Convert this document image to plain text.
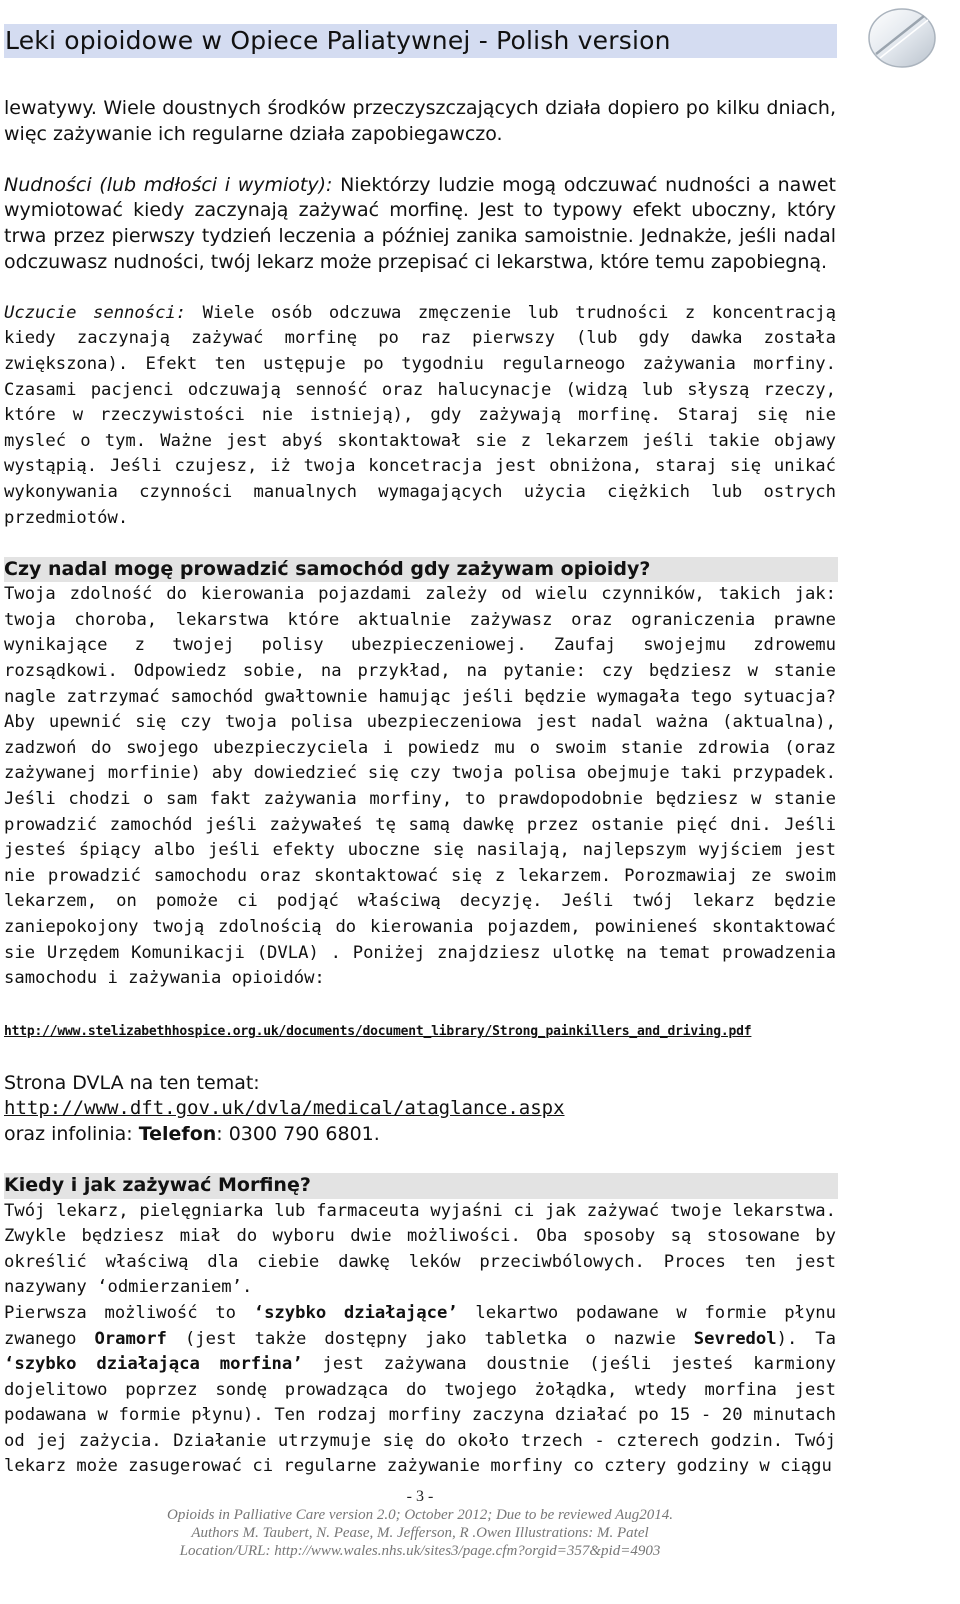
Leki opioidowe w Opiece Paliatywnej - Polish version

lewatywy. Wiele doustnych środków przeczyszczających działa dopiero po kilku dniach, więc zażywanie ich regularne działa zapobiegawczo.

Nudności (lub mdłości i wymioty): Niektórzy ludzie mogą odczuwać nudności a nawet wymiotować kiedy zaczynają zażywać morfinę. Jest to typowy efekt uboczny, który trwa przez pierwszy tydzień leczenia a później zanika samoistnie. Jednakże, jeśli nadal odczuwasz nudności, twój lekarz może przepisać ci lekarstwa, które temu zapobiegną.

Uczucie senności: Wiele osób odczuwa zmęczenie lub trudności z koncentracją kiedy zaczynają zażywać morfinę po raz pierwszy (lub gdy dawka została zwiększona). Efekt ten ustępuje po tygodniu regularneogo zażywania morfiny. Czasami pacjenci odczuwają senność oraz halucynacje (widzą lub słyszą rzeczy, które w rzeczywistości nie istnieją), gdy zażywają morfinę. Staraj się nie mysleć o tym. Ważne jest abyś skontaktował sie z lekarzem jeśli takie objawy wystąpią. Jeśli czujesz, iż twoja koncetracja jest obniżona, staraj się unikać wykonywania czynności manualnych wymagających użycia ciężkich lub ostrych przedmiotów.

Czy nadal mogę prowadzić samochód gdy zażywam opioidy?

Twoja zdolność do kierowania pojazdami zależy od wielu czynników, takich jak: twoja choroba, lekarstwa które aktualnie zażywasz oraz ograniczenia prawne wynikające z twojej polisy ubezpieczeniowej. Zaufaj swojejmu zdrowemu rozsądkowi. Odpowiedz sobie, na przykład, na pytanie: czy będziesz w stanie nagle zatrzymać samochód gwałtownie hamując jeśli będzie wymagała tego sytuacja? Aby upewnić się czy twoja polisa ubezpieczeniowa jest nadal ważna (aktualna), zadzwoń do swojego ubezpieczyciela i powiedz mu o swoim stanie zdrowia (oraz zażywanej morfinie) aby dowiedzieć się czy twoja polisa obejmuje taki przypadek. Jeśli chodzi o sam fakt zażywania morfiny, to prawdopodobnie będziesz w stanie prowadzić zamochód jeśli zażywałeś tę samą dawkę przez ostanie pięć dni. Jeśli jesteś śpiący albo jeśli efekty uboczne się nasilają, najlepszym wyjściem jest nie prowadzić samochodu oraz skontaktować się z lekarzem. Porozmawiaj ze swoim lekarzem, on pomoże ci podjąć właściwą decyzję. Jeśli twój lekarz będzie zaniepokojony twoją zdolnością do kierowania pojazdem, powinieneś skontaktować sie Urzędem Komunikacji (DVLA) . Poniżej znajdziesz ulotkę na temat prowadzenia samochodu i zażywania opioidów:

http://www.stelizabethhospice.org.uk/documents/document_library/Strong_painkillers_and_driving.pdf

Strona DVLA na ten temat:

http://www.dft.gov.uk/dvla/medical/ataglance.aspx

oraz infolinia: Telefon: 0300 790 6801.

Kiedy i jak zażywać Morfinę?

Twój lekarz, pielęgniarka lub farmaceuta wyjaśni ci jak zażywać twoje lekarstwa. Zwykle będziesz miał do wyboru dwie możliwości. Oba sposoby są stosowane by określić właściwą dla ciebie dawkę leków przeciwbólowych. Proces ten jest nazywany ‘odmierzaniem’.

Pierwsza możliwość to ‘szybko działające’ lekartwo podawane w formie płynu zwanego Oramorf (jest także dostępny jako tabletka o nazwie Sevredol). Ta ‘szybko działająca morfina’ jest zażywana doustnie (jeśli jesteś karmiony dojelitowo poprzez sondę prowadząca do twojego żołądka, wtedy morfina jest podawana w formie płynu). Ten rodzaj morfiny zaczyna działać po 15 - 20 minutach od jej zażycia. Działanie utrzymuje się do około trzech - czterech godzin. Twój lekarz może zasugerować ci regularne zażywanie morfiny co cztery godziny w ciągu

- 3 -
Opioids in Palliative Care version 2.0; October 2012; Due to be reviewed Aug2014.
Authors M. Taubert, N. Pease, M. Jefferson, R .Owen Illustrations: M. Patel
Location/URL: http://www.wales.nhs.uk/sites3/page.cfm?orgid=357&pid=4903
